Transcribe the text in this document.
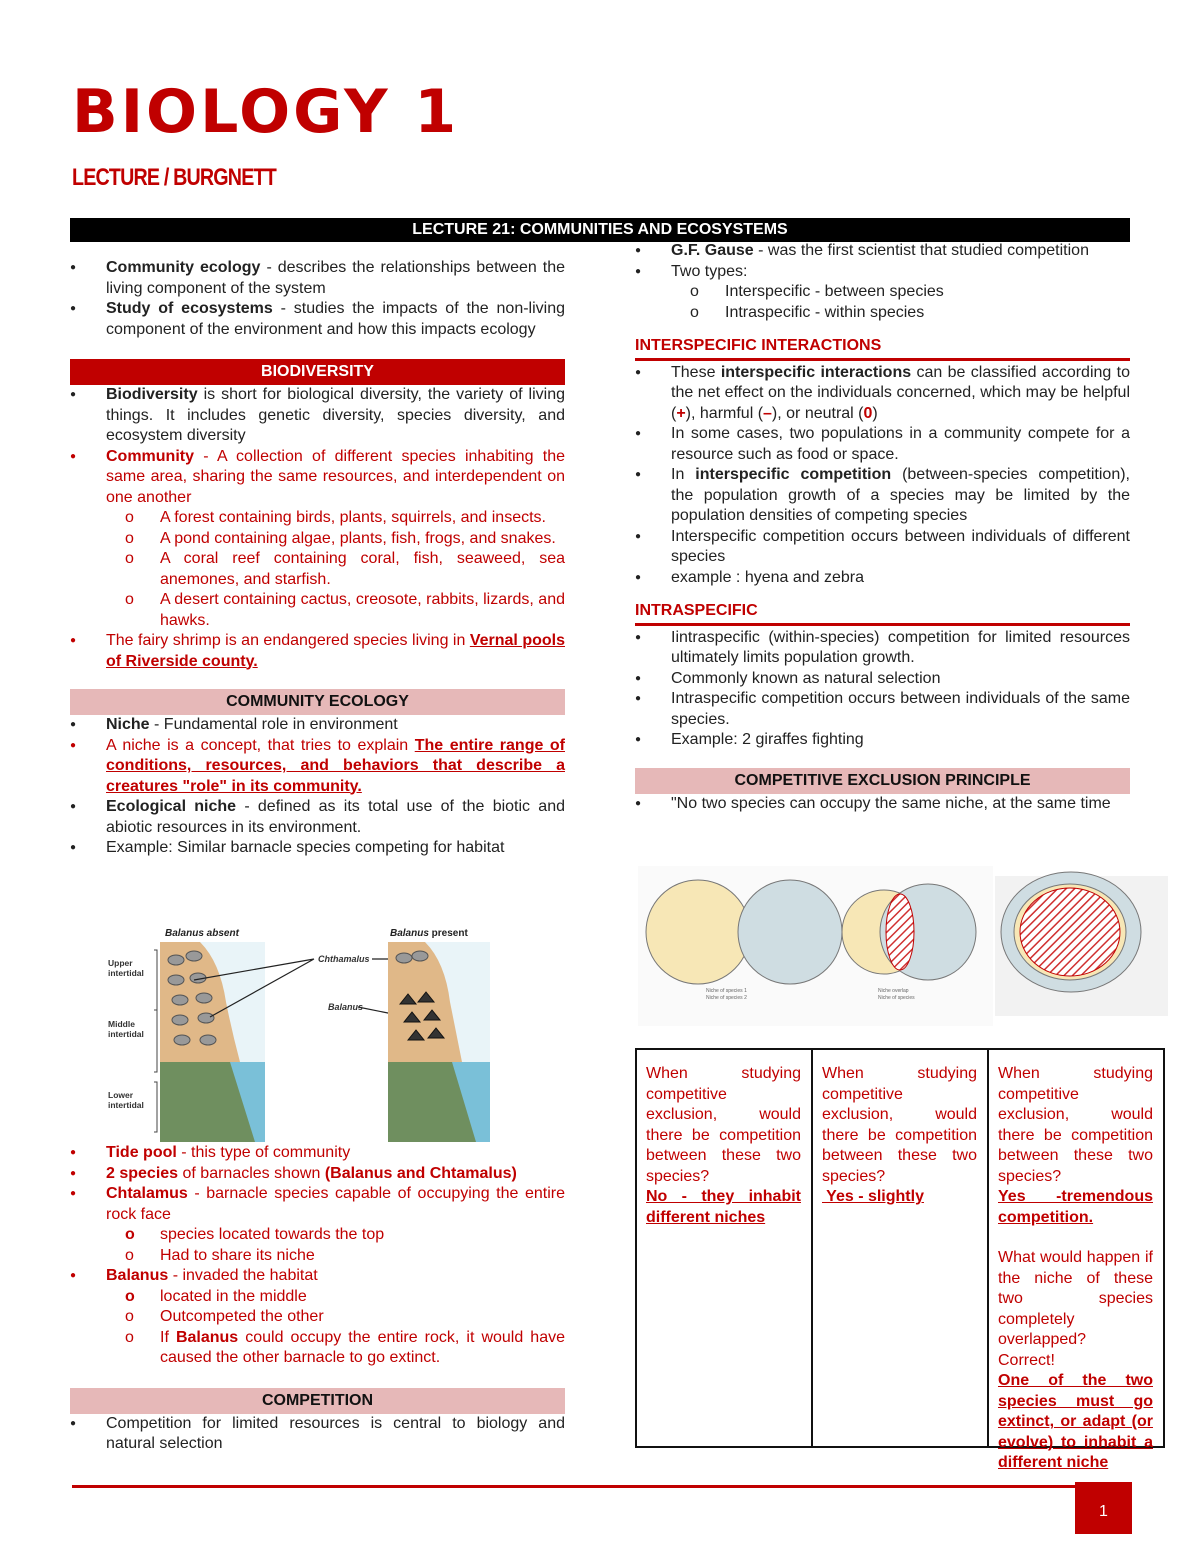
BIOLOGY 1
LECTURE / BURGNETT
LECTURE 21: COMMUNITIES AND ECOSYSTEMS
● Community ecology - describes the relationships between the living component of the system
● Study of ecosystems - studies the impacts of the non-living component of the environment and how this impacts ecology
BIODIVERSITY
● Biodiversity is short for biological diversity, the variety of living things. It includes genetic diversity, species diversity, and ecosystem diversity
● Community - A collection of different species inhabiting the same area, sharing the same resources, and interdependent on one another
o A forest containing birds, plants, squirrels, and insects.
o A pond containing algae, plants, fish, frogs, and snakes.
o A coral reef containing coral, fish, seaweed, sea anemones, and starfish.
o A desert containing cactus, creosote, rabbits, lizards, and hawks.
● The fairy shrimp is an endangered species living in Vernal pools of Riverside county.
COMMUNITY ECOLOGY
● Niche - Fundamental role in environment
● A niche is a concept, that tries to explain The entire range of conditions, resources, and behaviors that describe a creatures "role" in its community.
● Ecological niche - defined as its total use of the biotic and abiotic resources in its environment.
● Example: Similar barnacle species competing for habitat
Balanus absent	Balanus present
Upper
intertidal
Middle
intertidal
Lower
intertidal
Chthamalus
Balanus
● Tide pool - this type of community
● 2 species of barnacles shown (Balanus and Chtamalus)
● Chtalamus - barnacle species capable of occupying the entire rock face
o species located towards the top
o Had to share its niche
● Balanus - invaded the habitat
o located in the middle
o Outcompeted the other
o If Balanus could occupy the entire rock, it would have caused the other barnacle to go extinct.
COMPETITION
● Competition for limited resources is central to biology and natural selection
● G.F. Gause - was the first scientist that studied competition
● Two types:
o Interspecific - between species
o Intraspecific - within species
INTERSPECIFIC INTERACTIONS
● These interspecific interactions can be classified according to the net effect on the individuals concerned, which may be helpful (+), harmful (–), or neutral (0)
● In some cases, two populations in a community compete for a resource such as food or space.
● In interspecific competition (between-species competition), the population growth of a species may be limited by the population densities of competing species
● Interspecific competition occurs between individuals of different species
● example : hyena and zebra
INTRASPECIFIC
● Iintraspecific (within-species) competition for limited resources ultimately limits population growth.
● Commonly known as natural selection
● Intraspecific competition occurs between individuals of the same species.
● Example: 2 giraffes fighting
COMPETITIVE EXCLUSION PRINCIPLE
● "No two species can occupy the same niche, at the same time
Niche of species 1
Niche of species 2
Niche overlap
Niche of species
When studying competitive exclusion, would there be competition between these two species?
No - they inhabit different niches
When studying competitive exclusion, would there be competition between these two species?
Yes - slightly
When studying competitive exclusion, would there be competition between these two species?
Yes -tremendous competition.
What would happen if the niche of these two species completely overlapped?
Correct!
One of the two species must go extinct, or adapt (or evolve) to inhabit a different niche
1
